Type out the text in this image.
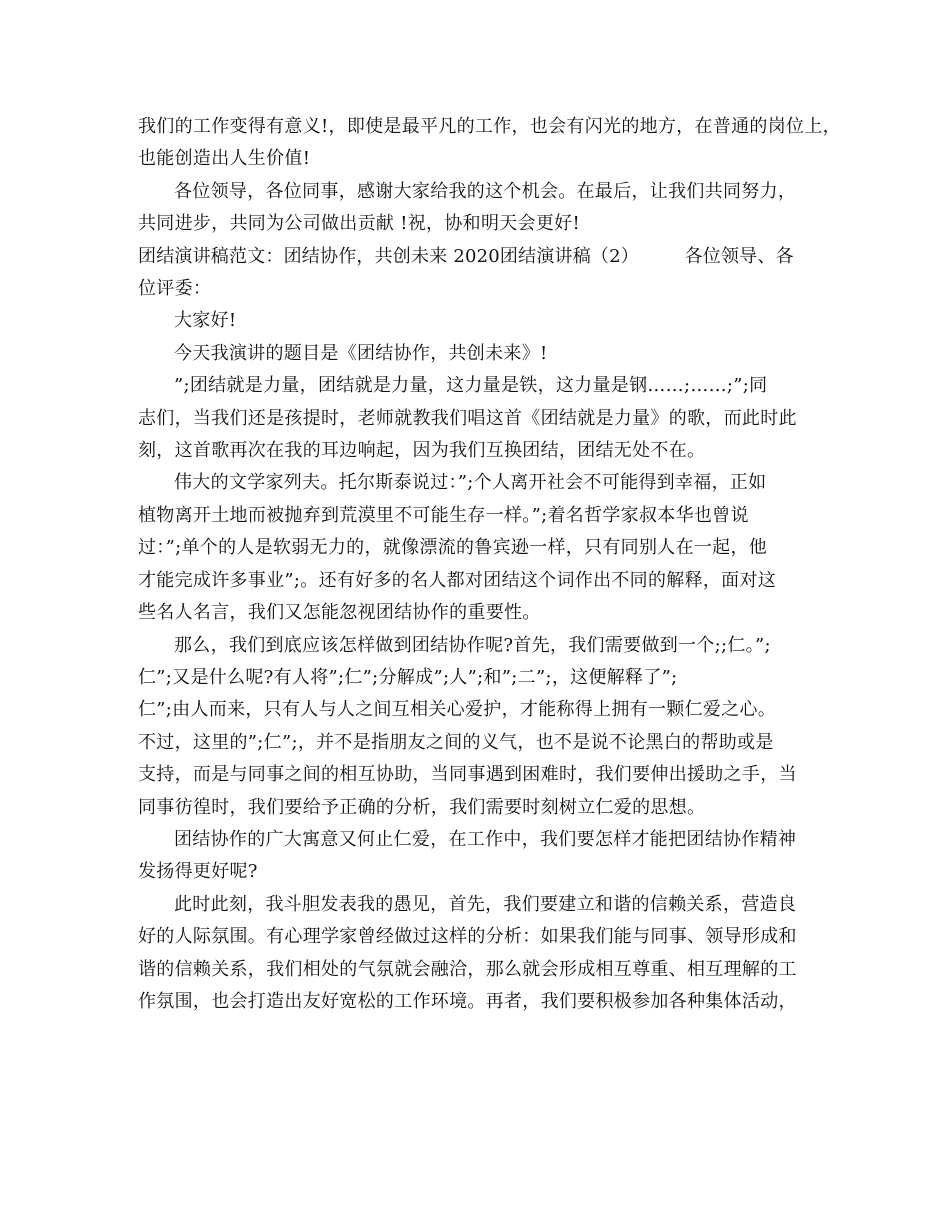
我们的工作变得有意义!，即使是最平凡的工作，也会有闪光的地方，在普通的岗位上，
也能创造出人生价值!

各位领导，各位同事，感谢大家给我的这个机会。在最后，让我们共同努力，
共同进步，共同为公司做出贡献 !祝，协和明天会更好!

团结演讲稿范文：团结协作，共创未来 2020团结演讲稿（2）　　　各位领导、各
位评委：

大家好!

今天我演讲的题目是《团结协作，共创未来》!

”;团结就是力量，团结就是力量，这力量是铁，这力量是钢……;……;”;同
志们，当我们还是孩提时，老师就教我们唱这首《团结就是力量》的歌，而此时此
刻，这首歌再次在我的耳边响起，因为我们互换团结，团结无处不在。

伟大的文学家列夫。托尔斯泰说过：”;个人离开社会不可能得到幸福，正如
植物离开土地而被抛弃到荒漠里不可能生存一样。”;着名哲学家叔本华也曾说
过：”;单个的人是软弱无力的，就像漂流的鲁宾逊一样，只有同别人在一起，他
才能完成许多事业”;。还有好多的名人都对团结这个词作出不同的解释，面对这
些名人名言，我们又怎能忽视团结协作的重要性。

那么，我们到底应该怎样做到团结协作呢?首先，我们需要做到一个;;仁。”;
仁”;又是什么呢?有人将”;仁”;分解成”;人”;和”;二”;，这便解释了”;
仁”;由人而来，只有人与人之间互相关心爱护，才能称得上拥有一颗仁爱之心。
不过，这里的”;仁”;，并不是指朋友之间的义气，也不是说不论黑白的帮助或是
支持，而是与同事之间的相互协助，当同事遇到困难时，我们要伸出援助之手，当
同事彷徨时，我们要给予正确的分析，我们需要时刻树立仁爱的思想。

团结协作的广大寓意又何止仁爱，在工作中，我们要怎样才能把团结协作精神
发扬得更好呢?

此时此刻，我斗胆发表我的愚见，首先，我们要建立和谐的信赖关系，营造良
好的人际氛围。有心理学家曾经做过这样的分析：如果我们能与同事、领导形成和
谐的信赖关系，我们相处的气氛就会融洽，那么就会形成相互尊重、相互理解的工
作氛围，也会打造出友好宽松的工作环境。再者，我们要积极参加各种集体活动，
